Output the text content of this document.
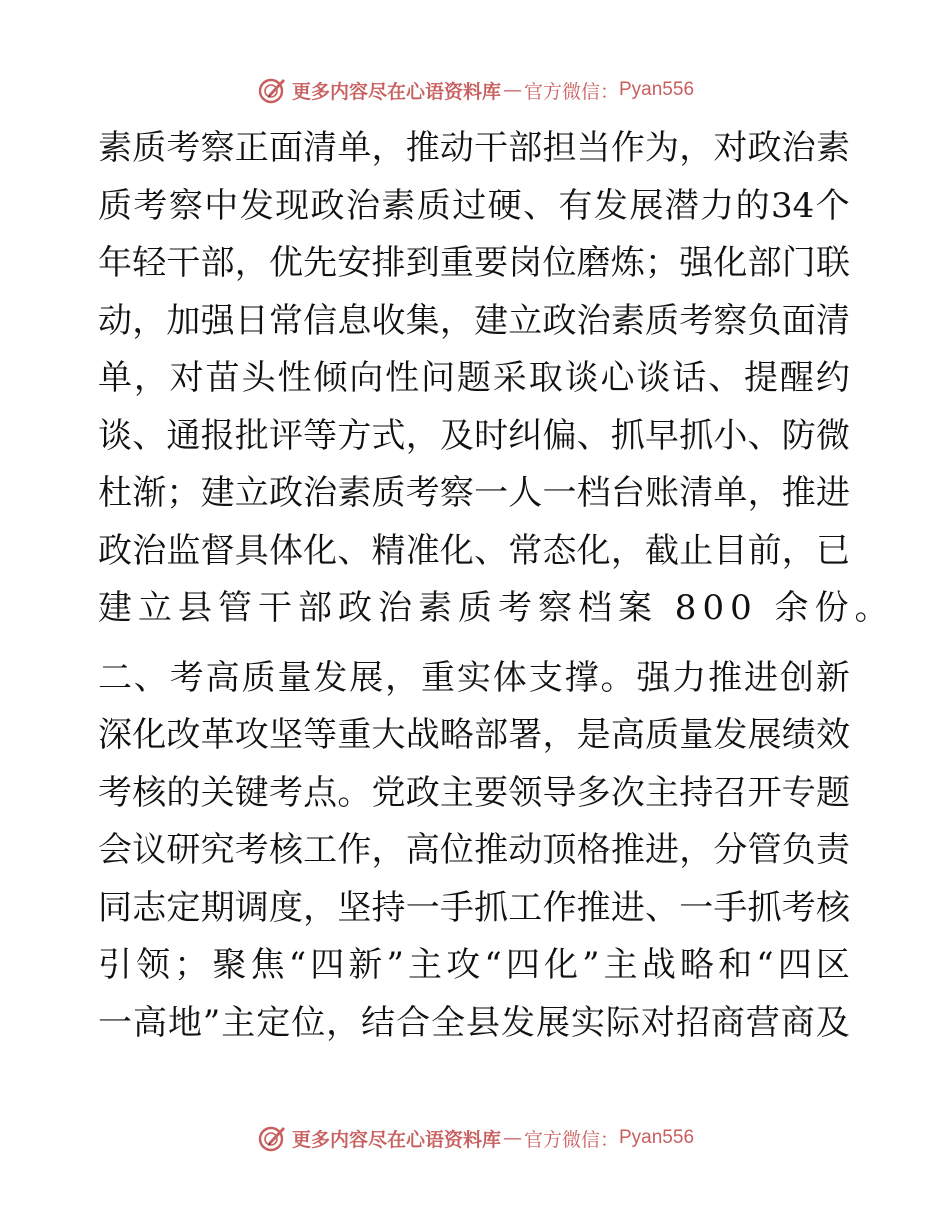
更多内容尽在心语资料库 — 官方微信： Pyan556
素 质 考 察 正 面 清 单 ， 推 动 干 部 担 当 作 为 ， 对 政 治 素
质 考 察 中 发 现 政 治 素 质 过 硬 、 有 发 展 潜 力 的 34 个
年 轻 干 部 ， 优 先 安 排 到 重 要 岗 位 磨 炼 ； 强 化 部 门 联
动 ， 加 强 日 常 信 息 收 集 ， 建 立 政 治 素 质 考 察 负 面 清
单 ， 对 苗 头 性 倾 向 性 问 题 采 取 谈 心 谈 话 、 提 醒 约
谈 、 通 报 批 评 等 方 式 ， 及 时 纠 偏 、 抓 早 抓 小 、 防 微
杜 渐 ； 建 立 政 治 素 质 考 察 一 人 一 档 台 账 清 单 ， 推 进
政 治 监 督 具 体 化 、 精 准 化 、 常 态 化 ， 截 止 目 前 ， 已
建立县管干部政治素质考察档案 800 余份。
二 、 考 高 质 量 发 展 ， 重 实 体 支 撑 。 强 力 推 进 创 新
深 化 改 革 攻 坚 等 重 大 战 略 部 署 ， 是 高 质 量 发 展 绩 效
考 核 的 关 键 考 点 。 党 政 主 要 领 导 多 次 主 持 召 开 专 题
会 议 研 究 考 核 工 作 ， 高 位 推 动 顶 格 推 进 ， 分 管 负 责
同 志 定 期 调 度 ， 坚 持 一 手 抓 工 作 推 进 、 一 手 抓 考 核
引 领 ； 聚 焦 “ 四 新 ” 主 攻 “ 四 化 ” 主 战 略 和 “ 四 区
一 高 地 ” 主 定 位 ， 结 合 全 县 发 展 实 际 对 招 商 营 商 及
更多内容尽在心语资料库 — 官方微信： Pyan556
